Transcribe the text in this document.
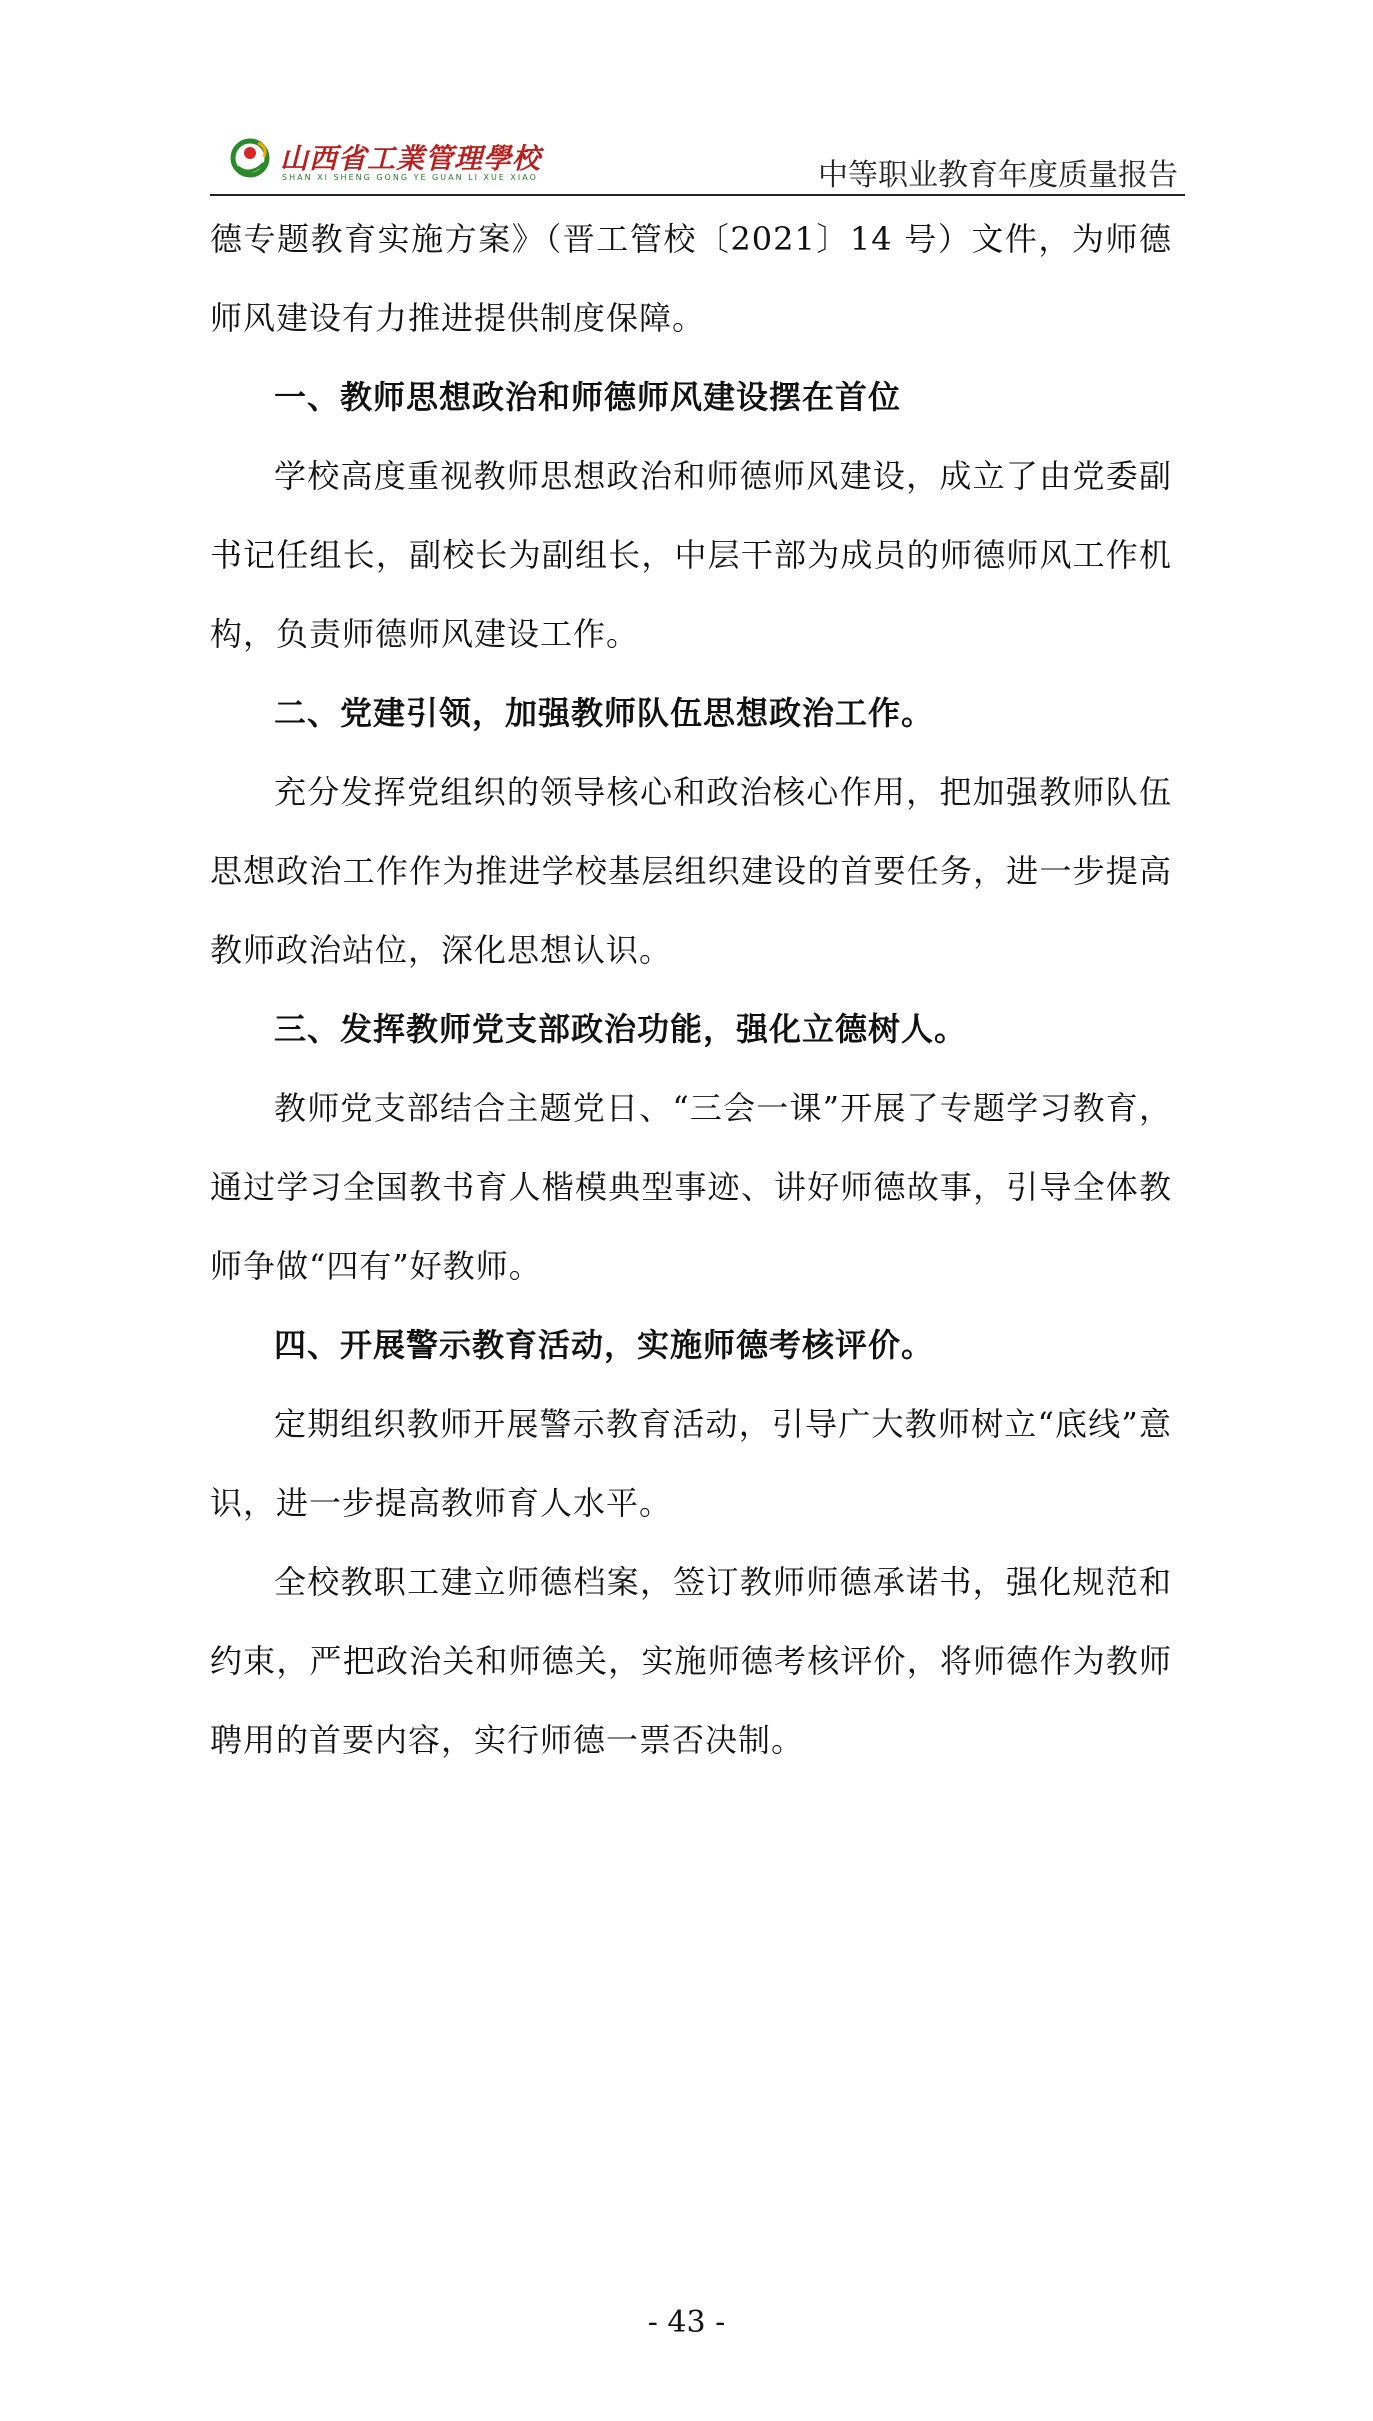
山西省工業管理學校
SHAN XI SHENG GONG YE GUAN LI XUE XIAO	中等职业教育年度质量报告

德专题教育实施方案》（晋工管校〔2021〕14 号）文件，为师德师风建设有力推进提供制度保障。

一、教师思想政治和师德师风建设摆在首位

学校高度重视教师思想政治和师德师风建设，成立了由党委副书记任组长，副校长为副组长，中层干部为成员的师德师风工作机构，负责师德师风建设工作。

二、党建引领，加强教师队伍思想政治工作。

充分发挥党组织的领导核心和政治核心作用，把加强教师队伍思想政治工作作为推进学校基层组织建设的首要任务，进一步提高教师政治站位，深化思想认识。

三、发挥教师党支部政治功能，强化立德树人。

教师党支部结合主题党日、“三会一课”开展了专题学习教育，通过学习全国教书育人楷模典型事迹、讲好师德故事，引导全体教师争做“四有”好教师。

四、开展警示教育活动，实施师德考核评价。

定期组织教师开展警示教育活动，引导广大教师树立“底线”意识，进一步提高教师育人水平。

全校教职工建立师德档案，签订教师师德承诺书，强化规范和约束，严把政治关和师德关，实施师德考核评价，将师德作为教师聘用的首要内容，实行师德一票否决制。

- 43 -
